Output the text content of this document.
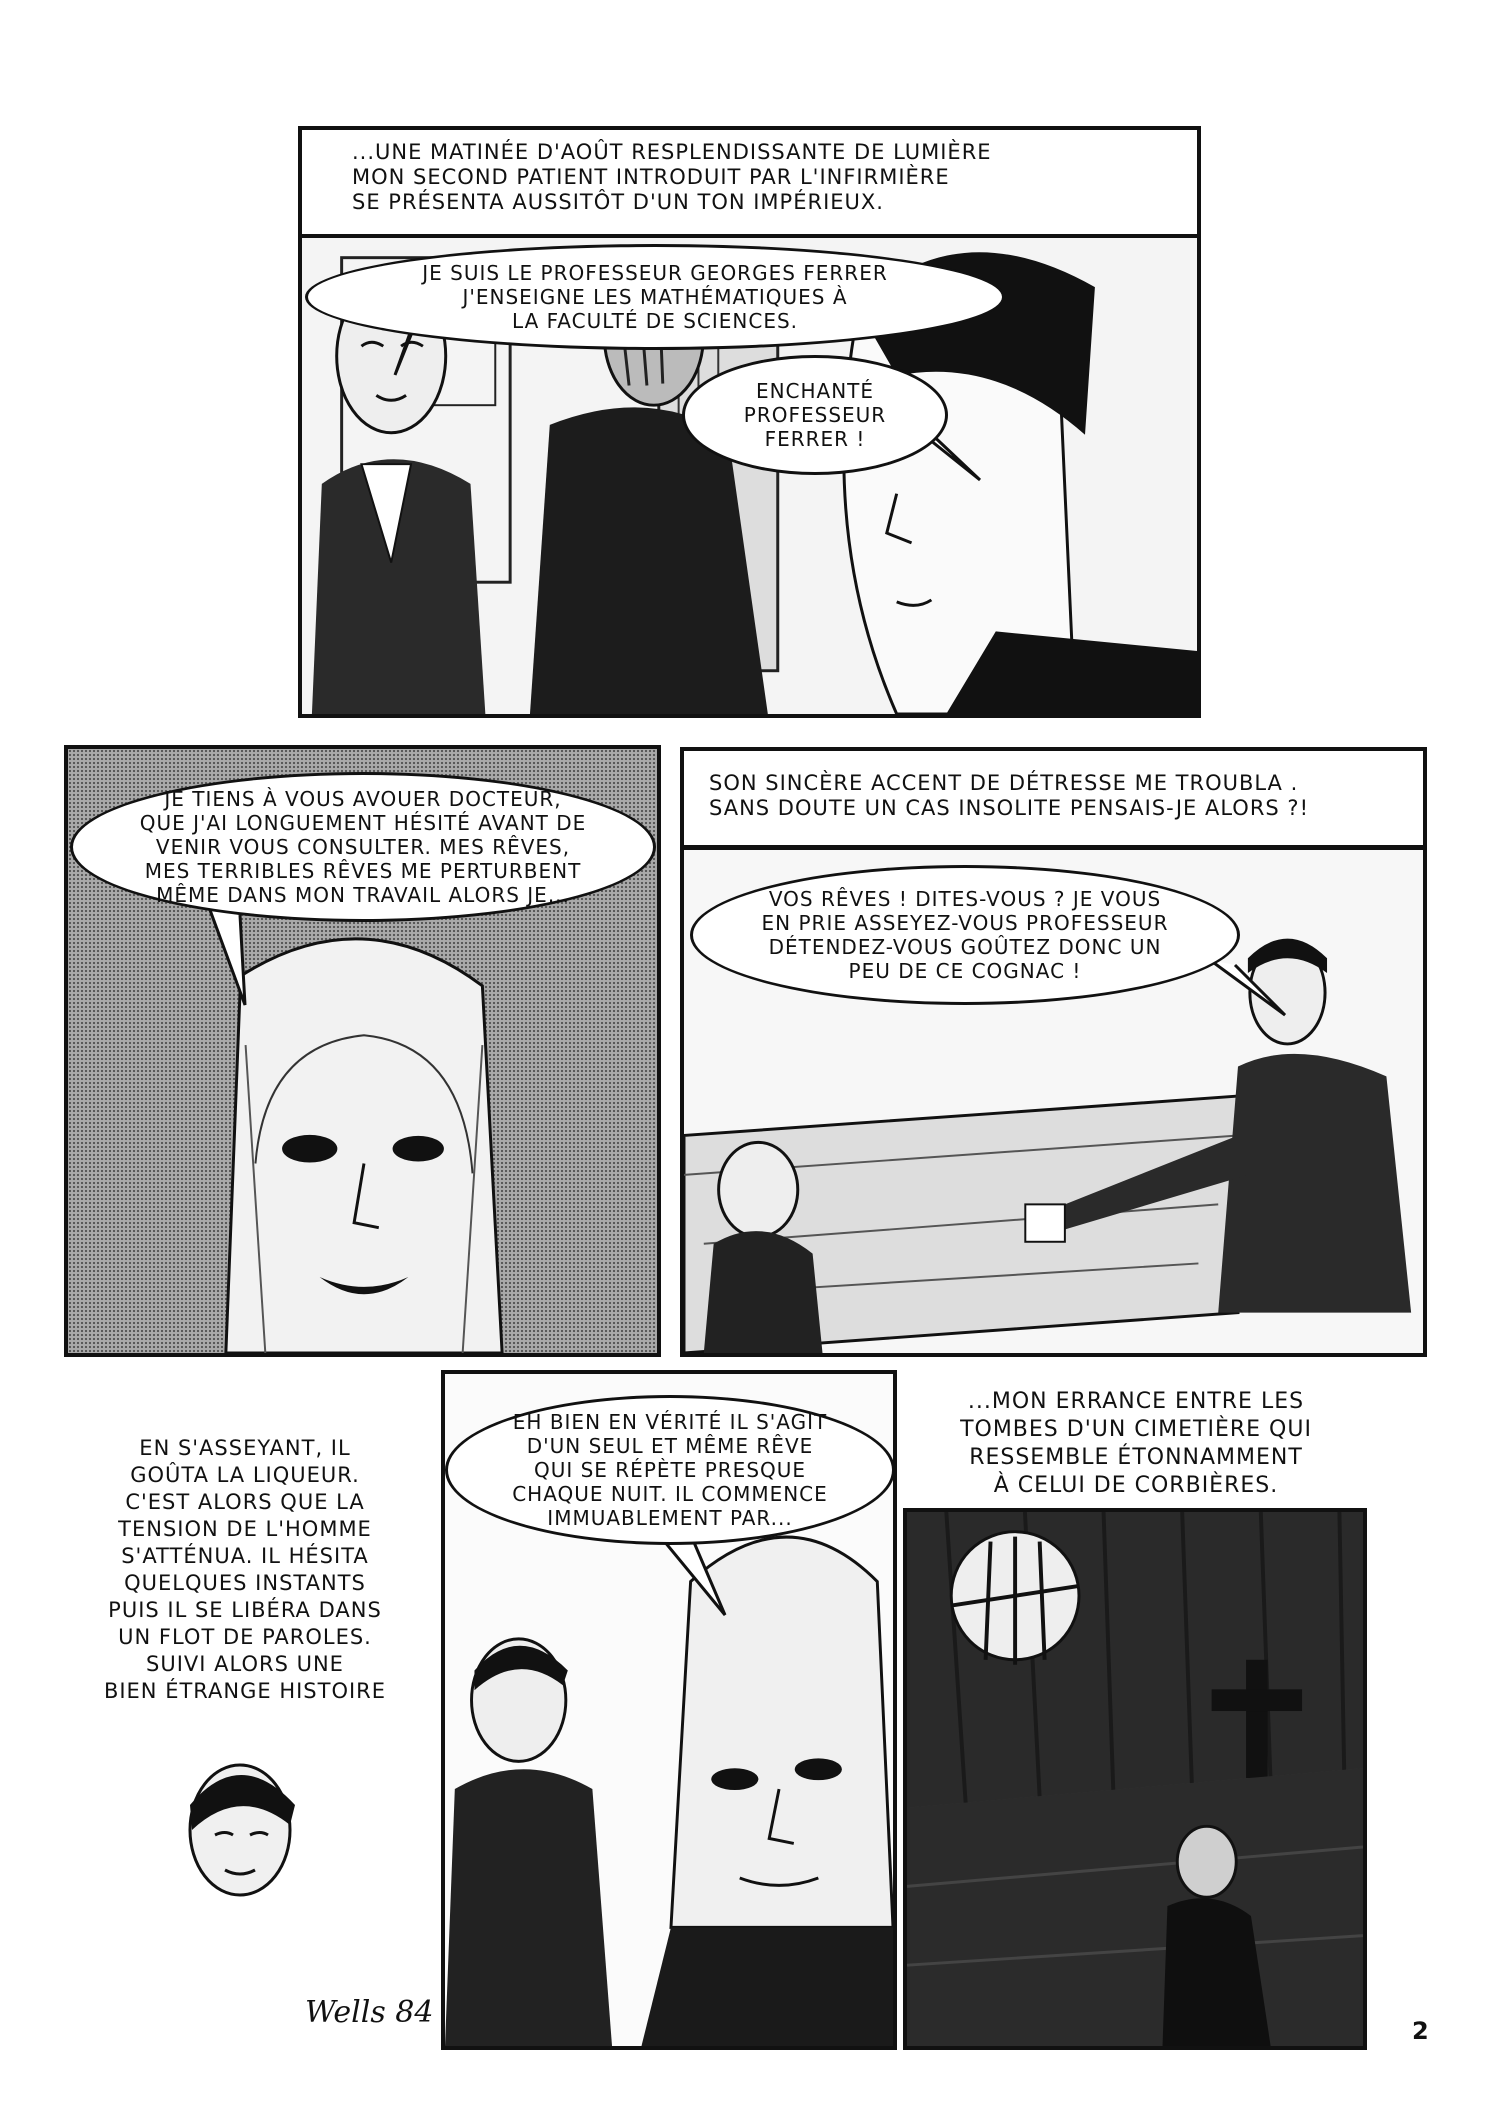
...UNE MATINÉE D'AOÛT RESPLENDISSANTE DE LUMIÈRE
MON SECOND PATIENT INTRODUIT PAR L'INFIRMIÈRE
SE PRÉSENTA AUSSITÔT D'UN TON IMPÉRIEUX.
JE SUIS LE PROFESSEUR GEORGES FERRER
J'ENSEIGNE LES MATHÉMATIQUES À
LA FACULTÉ DE SCIENCES.
ENCHANTÉ
PROFESSEUR
FERRER !
JE TIENS À VOUS AVOUER DOCTEUR,
QUE J'AI LONGUEMENT HÉSITÉ AVANT DE
VENIR VOUS CONSULTER. MES RÊVES,
MES TERRIBLES RÊVES ME PERTURBENT
MÊME DANS MON TRAVAIL ALORS JE...
SON SINCÈRE ACCENT DE DÉTRESSE ME TROUBLA .
SANS DOUTE UN CAS INSOLITE PENSAIS-JE ALORS ?!
VOS RÊVES ! DITES-VOUS ? JE VOUS
EN PRIE ASSEYEZ-VOUS PROFESSEUR
DÉTENDEZ-VOUS GOÛTEZ DONC UN
PEU DE CE COGNAC !
EN S'ASSEYANT, IL
GOÛTA LA LIQUEUR.
C'EST ALORS QUE LA
TENSION DE L'HOMME
S'ATTÉNUA. IL HÉSITA
QUELQUES INSTANTS
PUIS IL SE LIBÉRA DANS
UN FLOT DE PAROLES.
SUIVI ALORS UNE
BIEN ÉTRANGE HISTOIRE
Wells 84
EH BIEN EN VÉRITÉ IL S'AGIT
D'UN SEUL ET MÊME RÊVE
QUI SE RÉPÈTE PRESQUE
CHAQUE NUIT. IL COMMENCE
IMMUABLEMENT PAR...
...MON ERRANCE ENTRE LES
TOMBES D'UN CIMETIÈRE QUI
RESSEMBLE ÉTONNAMMENT
À CELUI DE CORBIÈRES.
2
